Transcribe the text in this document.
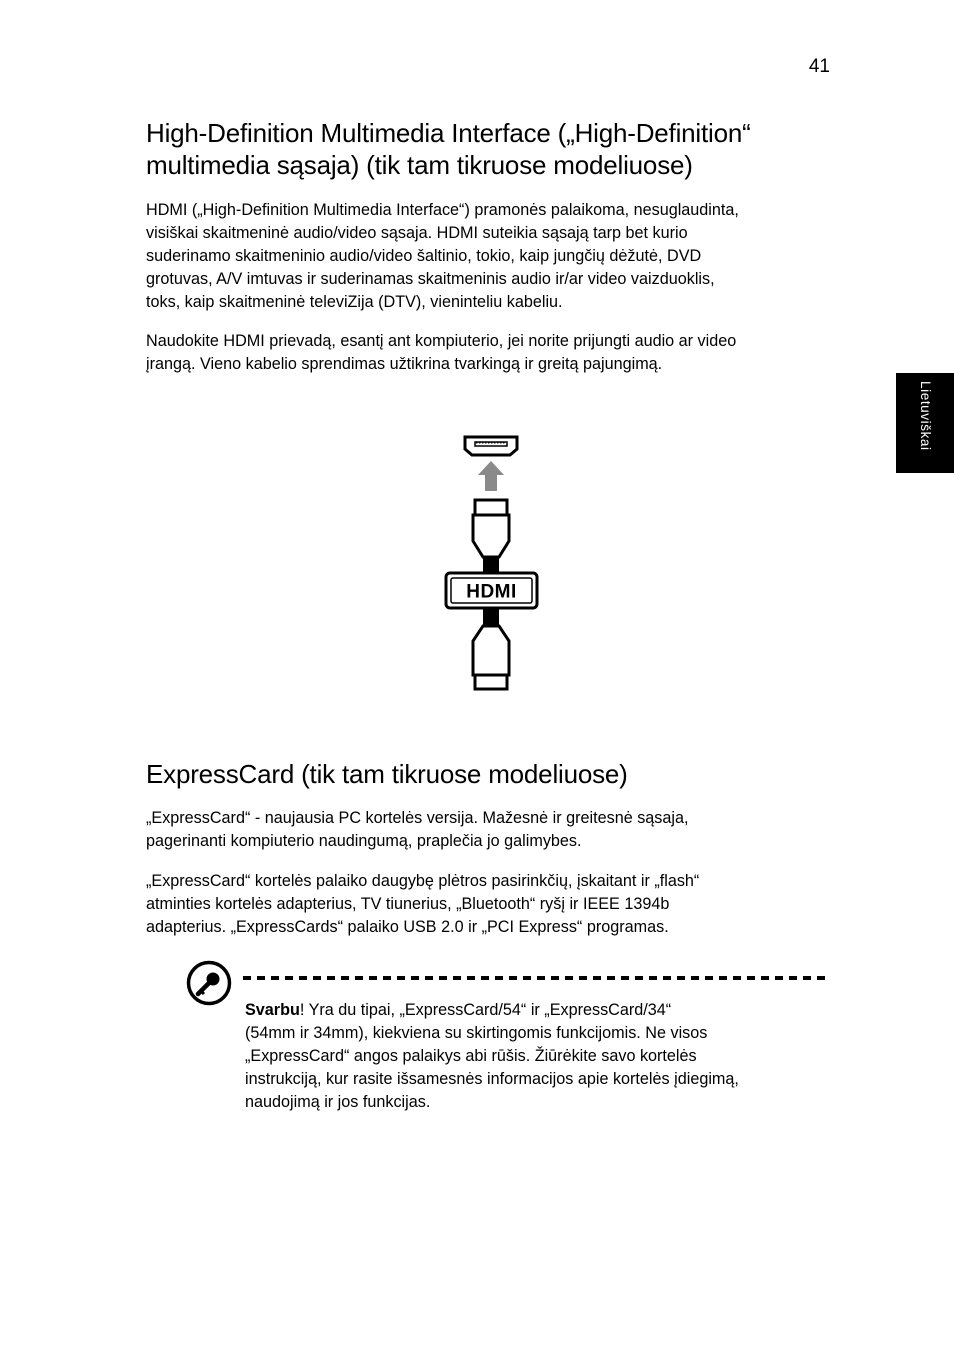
41
Lietuviškai
High-Definition Multimedia Interface („High-Definition“
multimedia sąsaja) (tik tam tikruose modeliuose)

HDMI („High-Definition Multimedia Interface“) pramonės palaikoma, nesuglaudinta,
visiškai skaitmeninė audio/video sąsaja. HDMI suteikia sąsają tarp bet kurio
suderinamo skaitmeninio audio/video šaltinio, tokio, kaip jungčių dėžutė, DVD
grotuvas, A/V imtuvas ir suderinamas skaitmeninis audio ir/ar video vaizduoklis,
toks, kaip skaitmeninė televiZija (DTV), vieninteliu kabeliu.

Naudokite HDMI prievadą, esantį ant kompiuterio, jei norite prijungti audio ar video
įrangą. Vieno kabelio sprendimas užtikrina tvarkingą ir greitą pajungimą.

HDMI
ExpressCard (tik tam tikruose modeliuose)

„ExpressCard“ - naujausia PC kortelės versija. Mažesnė ir greitesnė sąsaja,
pagerinanti kompiuterio naudingumą, praplečia jo galimybes.

„ExpressCard“ kortelės palaiko daugybę plėtros pasirinkčių, įskaitant ir „flash“
atminties kortelės adapterius, TV tiunerius, „Bluetooth“ ryšį ir IEEE 1394b
adapterius. „ExpressCards“ palaiko USB 2.0 ir „PCI Express“ programas.

Svarbu! Yra du tipai, „ExpressCard/54“ ir „ExpressCard/34“
(54mm ir 34mm), kiekviena su skirtingomis funkcijomis. Ne visos
„ExpressCard“ angos palaikys abi rūšis. Žiūrėkite savo kortelės
instrukciją, kur rasite išsamesnės informacijos apie kortelės įdiegimą,
naudojimą ir jos funkcijas.
